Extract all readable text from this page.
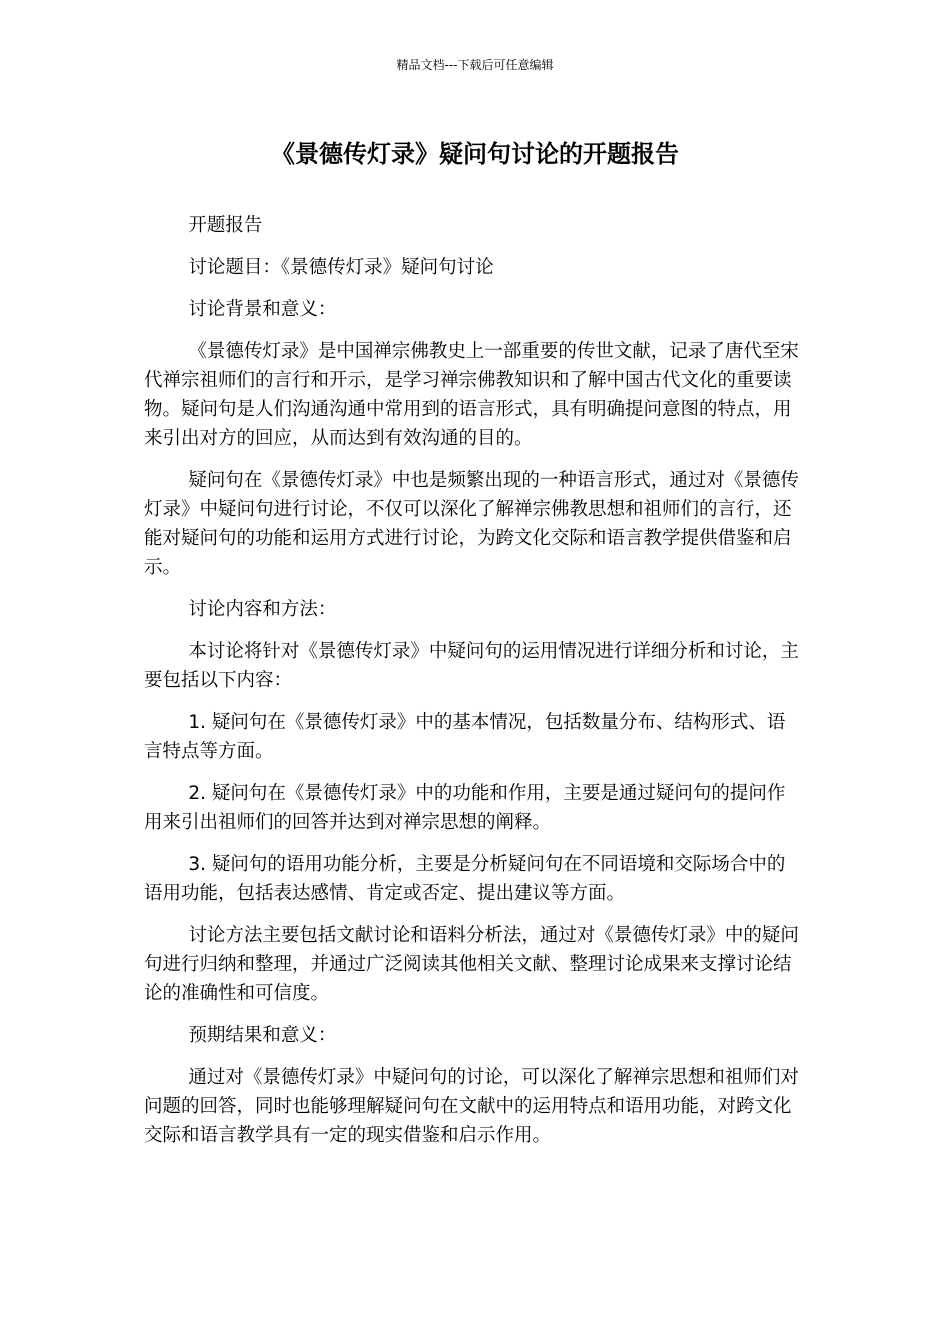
精品文档---下载后可任意编辑
《景德传灯录》疑问句讨论的开题报告

开题报告

讨论题目：《景德传灯录》疑问句讨论

讨论背景和意义：

《景德传灯录》是中国禅宗佛教史上一部重要的传世文献，记录了唐代至宋代禅宗祖师们的言行和开示，是学习禅宗佛教知识和了解中国古代文化的重要读物。疑问句是人们沟通沟通中常用到的语言形式，具有明确提问意图的特点，用来引出对方的回应，从而达到有效沟通的目的。

疑问句在《景德传灯录》中也是频繁出现的一种语言形式，通过对《景德传灯录》中疑问句进行讨论，不仅可以深化了解禅宗佛教思想和祖师们的言行，还能对疑问句的功能和运用方式进行讨论，为跨文化交际和语言教学提供借鉴和启示。

讨论内容和方法：

本讨论将针对《景德传灯录》中疑问句的运用情况进行详细分析和讨论，主要包括以下内容：

1. 疑问句在《景德传灯录》中的基本情况，包括数量分布、结构形式、语言特点等方面。

2. 疑问句在《景德传灯录》中的功能和作用，主要是通过疑问句的提问作用来引出祖师们的回答并达到对禅宗思想的阐释。

3. 疑问句的语用功能分析，主要是分析疑问句在不同语境和交际场合中的语用功能，包括表达感情、肯定或否定、提出建议等方面。

讨论方法主要包括文献讨论和语料分析法，通过对《景德传灯录》中的疑问句进行归纳和整理，并通过广泛阅读其他相关文献、整理讨论成果来支撑讨论结论的准确性和可信度。

预期结果和意义：

通过对《景德传灯录》中疑问句的讨论，可以深化了解禅宗思想和祖师们对问题的回答，同时也能够理解疑问句在文献中的运用特点和语用功能，对跨文化交际和语言教学具有一定的现实借鉴和启示作用。
